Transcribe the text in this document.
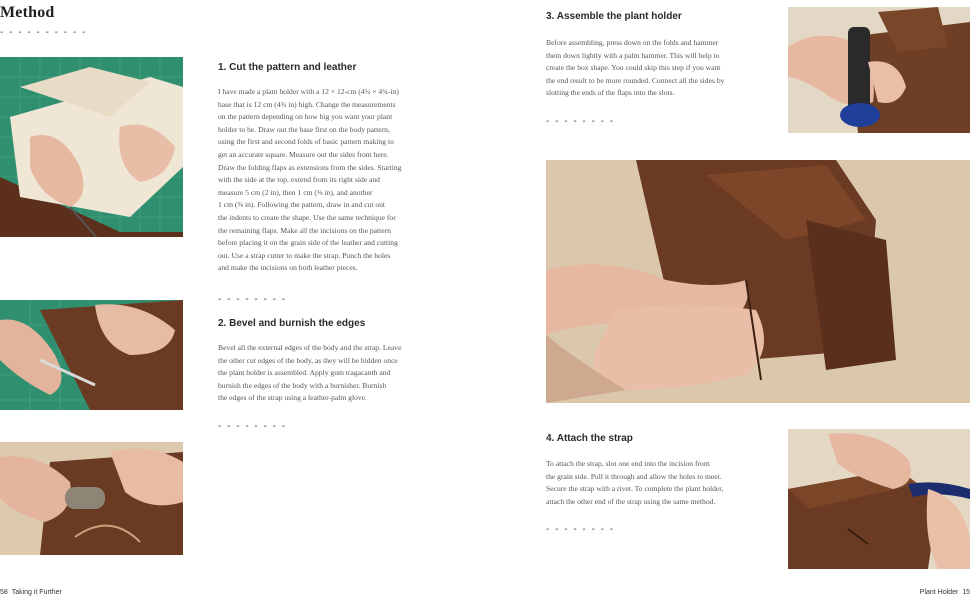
Method
- - - - - - - - - -
1. Cut the pattern and leather
I have made a plant holder with a 12 × 12-cm (4¾ × 4¾-in)
base that is 12 cm (4¾ in) high. Change the measurements
on the pattern depending on how big you want your plant
holder to be. Draw out the base first on the body pattern,
using the first and second folds of basic pattern making to
get an accurate square. Measure out the sides from here.
Draw the folding flaps as extensions from the sides. Starting
with the side at the top, extend from its right side and
measure 5 cm (2 in), then 1 cm (⅜ in), and another
1 cm (⅜ in). Following the pattern, draw in and cut out
the indents to create the shape. Use the same technique for
the remaining flaps. Make all the incisions on the pattern
before placing it on the grain side of the leather and cutting
out. Use a strap cutter to make the strap. Punch the holes
and make the incisions on both leather pieces.
- - - - - - - -
2. Bevel and burnish the edges
Bevel all the external edges of the body and the strap. Leave
the other cut edges of the body, as they will be hidden once
the plant holder is assembled. Apply gum tragacanth and
burnish the edges of the body with a burnisher. Burnish
the edges of the strap using a leather-palm glove.
- - - - - - - -
58 Taking it Further
3. Assemble the plant holder
Before assembling, press down on the folds and hammer
them down lightly with a palm hammer. This will help to
create the box shape. You could skip this step if you want
the end result to be more rounded. Connect all the sides by
slotting the ends of the flaps into the slots.
- - - - - - - -
4. Attach the strap
To attach the strap, slot one end into the incision from
the grain side. Pull it through and allow the holes to meet.
Secure the strap with a rivet. To complete the plant holder,
attach the other end of the strap using the same method.
- - - - - - - -
Plant Holder 15
